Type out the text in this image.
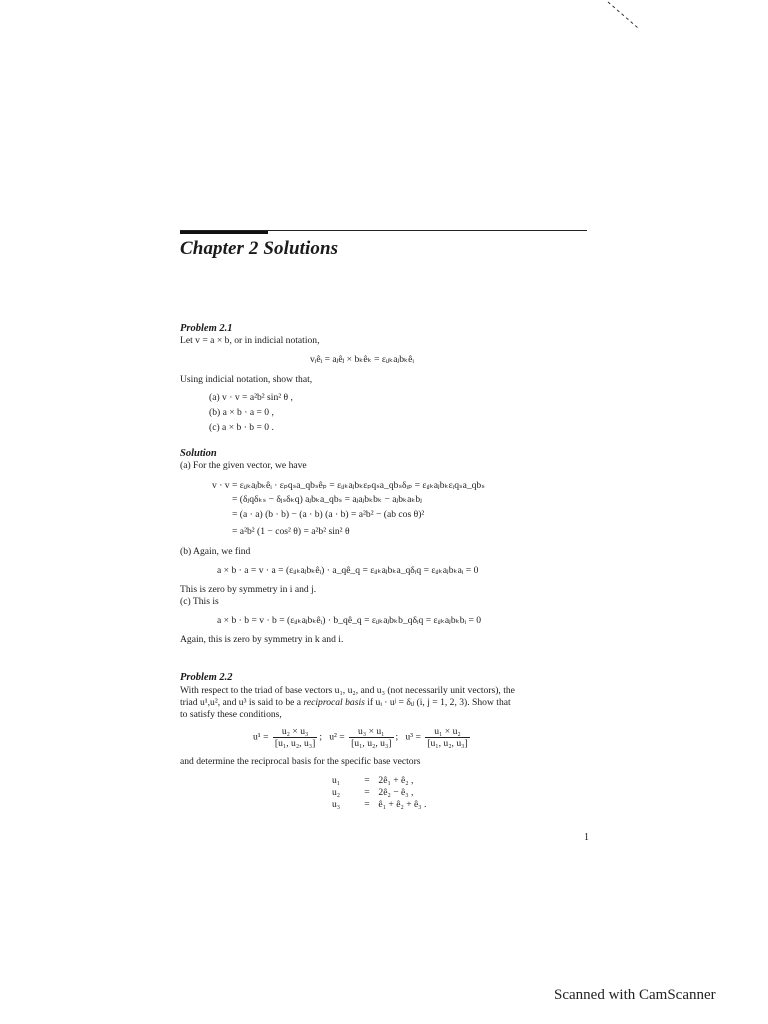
Chapter 2 Solutions
Problem 2.1
Let v = a × b, or in indicial notation,
vᵢêᵢ = aⱼêⱼ × bₖêₖ = εᵢⱼₖaⱼbₖêᵢ
Using indicial notation, show that,
(a) v · v = a²b² sin² θ ,
(b) a × b · a = 0 ,
(c) a × b · b = 0 .
Solution
(a) For the given vector, we have
v · v = εᵢⱼₖaⱼbₖêᵢ · εₚqₛa_qbₛêₚ = εᵢⱼₖaⱼbₖεₚqₛa_qbₛδᵢₚ = εᵢⱼₖaⱼbₖεᵢqₛa_qbₛ
= (δⱼqδₖₛ − δⱼₛδₖq) aⱼbₖa_qbₛ = aⱼaⱼbₖbₖ − aⱼbₖaₖbⱼ
= (a · a) (b · b) − (a · b) (a · b) = a²b² − (ab cos θ)²
= a²b² (1 − cos² θ) = a²b² sin² θ
(b) Again, we find
a × b · a = v · a = (εᵢⱼₖaⱼbₖêᵢ) · a_qê_q = εᵢⱼₖaⱼbₖa_qδᵢq = εᵢⱼₖaⱼbₖaᵢ = 0
This is zero by symmetry in i and j.
(c) This is
a × b · b = v · b = (εᵢⱼₖaⱼbₖêᵢ) · b_qê_q = εᵢⱼₖaⱼbₖb_qδᵢq = εᵢⱼₖaⱼbₖbᵢ = 0
Again, this is zero by symmetry in k and i.
Problem 2.2
With respect to the triad of base vectors u₁, u₂, and u₃ (not necessarily unit vectors), the
triad u¹,u², and u³ is said to be a reciprocal basis if uᵢ · uʲ = δᵢⱼ (i, j = 1, 2, 3). Show that
to satisfy these conditions,
$u^1 = \frac{\text{u₂ × u₃}}{\text{[u₁, u₂, u₃]}}$ ; $u^2 = \frac{\text{u₃ × u₁}}{\text{[u₁, u₂, u₃]}}$ ; $u^3 = \frac{\text{u₁ × u₂}}{\text{[u₁, u₂, u₃]}}$
and determine the reciprocal basis for the specific base vectors
u₁	= 2ê₁ + ê₂ ,
u₂	= 2ê₂ − ê₃ ,
u₃	= ê₁ + ê₂ + ê₃ .
1
Scanned with CamScanner
